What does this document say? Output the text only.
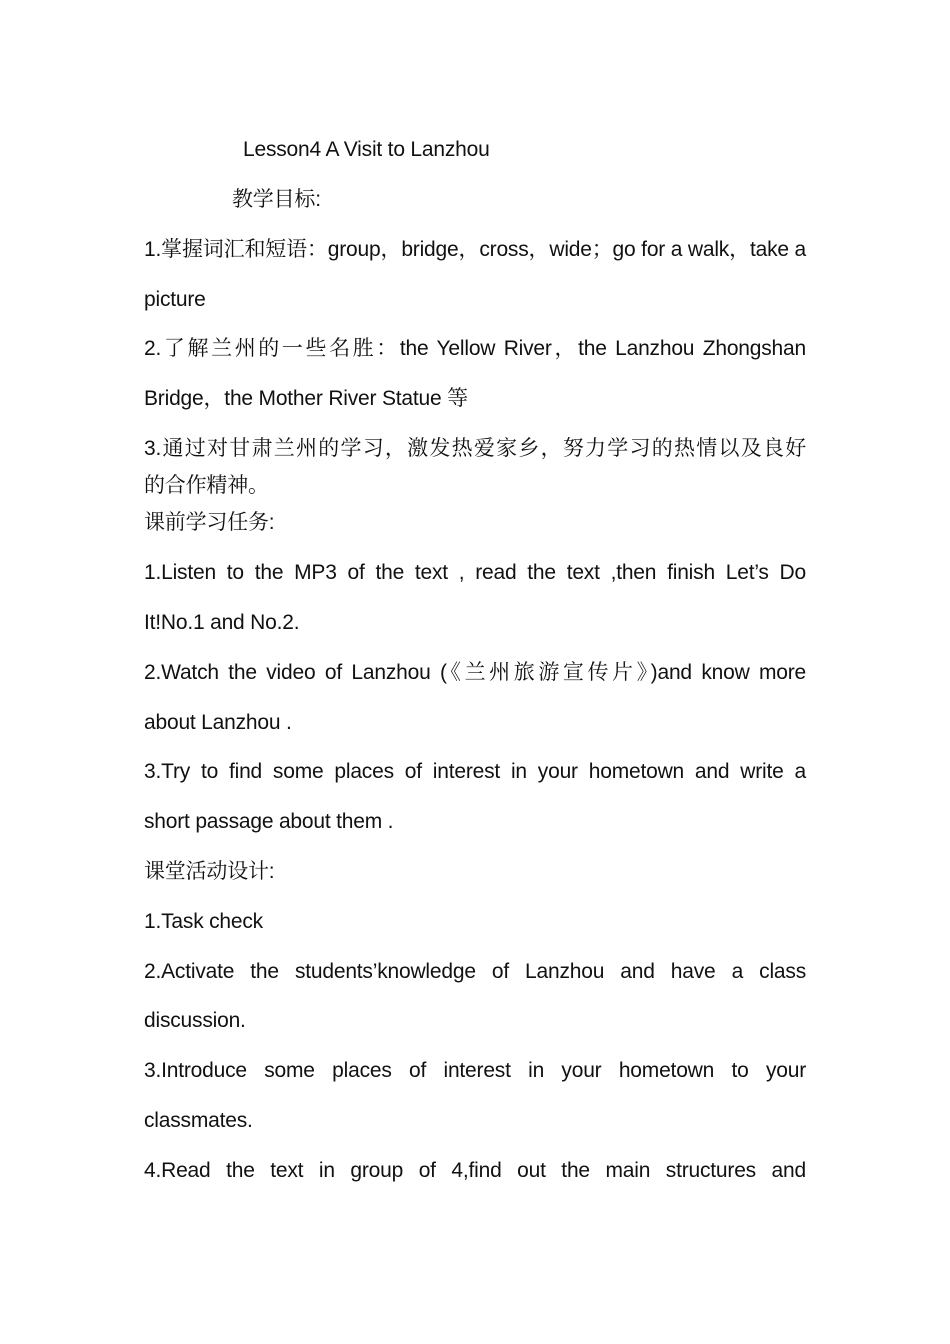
Lesson4 A Visit to Lanzhou
教学目标:
1.掌握词汇和短语：group，bridge，cross，wide；go for a walk，take a
picture
2.了解兰州的一些名胜：the Yellow River，the Lanzhou Zhongshan
Bridge，the Mother River Statue 等
3.通过对甘肃兰州的学习，激发热爱家乡，努力学习的热情以及良好
的合作精神。
课前学习任务:
1.Listen to the MP3 of the text , read the text ,then finish Let’s Do
It!No.1 and No.2.
2.Watch the video of Lanzhou (《兰州旅游宣传片》)and know more
about Lanzhou .
3.Try to find some places of interest in your hometown and write a
short passage about them .
课堂活动设计:
1.Task check
2.Activate the students’knowledge of Lanzhou and have a class
discussion.
3.Introduce some places of interest in your hometown to your
classmates.
4.Read the text in group of 4,find out the main structures and
